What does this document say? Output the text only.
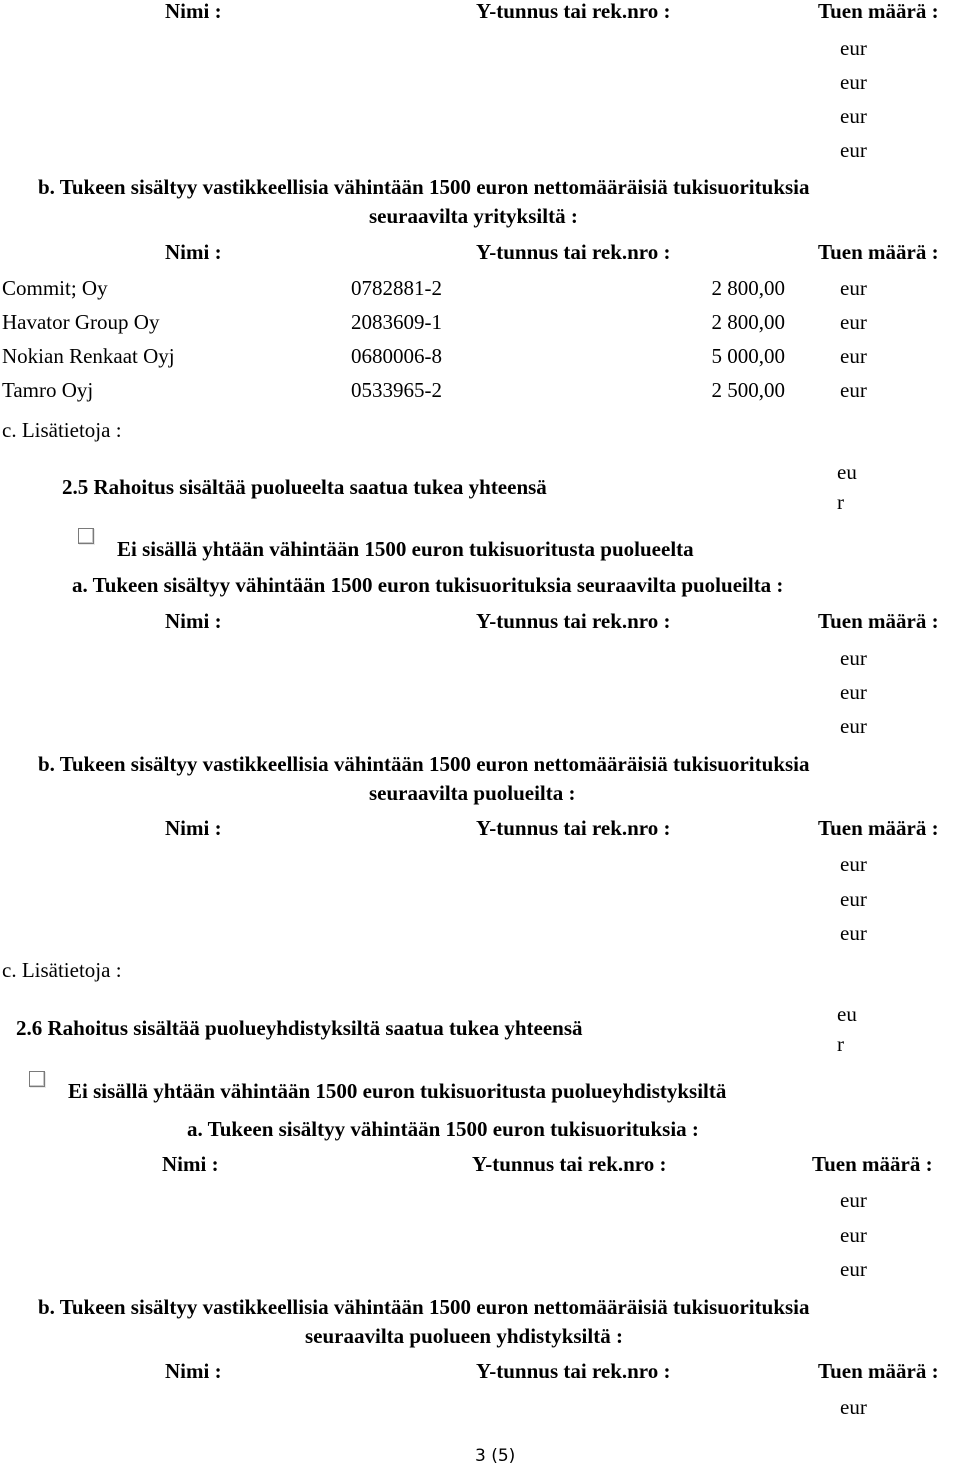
Nimi :	Y-tunnus tai rek.nro :	Tuen määrä :
eur
eur
eur
eur
b. Tukeen sisältyy vastikkeellisia vähintään 1500 euron nettomääräisiä tukisuorituksia
seuraavilta yrityksiltä :
Nimi :	Y-tunnus tai rek.nro :	Tuen määrä :
Commit; Oy	0782881-2	2 800,00	eur
Havator Group Oy	2083609-1	2 800,00	eur
Nokian Renkaat Oyj	0680006-8	5 000,00	eur
Tamro Oyj	0533965-2	2 500,00	eur
c. Lisätietoja :
2.5 Rahoitus sisältää puolueelta saatua tukea yhteensä
eu
r
Ei sisällä yhtään vähintään 1500 euron tukisuoritusta puolueelta
a. Tukeen sisältyy vähintään 1500 euron tukisuorituksia seuraavilta puolueilta :
Nimi :	Y-tunnus tai rek.nro :	Tuen määrä :
eur
eur
eur
b. Tukeen sisältyy vastikkeellisia vähintään 1500 euron nettomääräisiä tukisuorituksia
seuraavilta puolueilta :
Nimi :	Y-tunnus tai rek.nro :	Tuen määrä :
eur
eur
eur
c. Lisätietoja :
2.6 Rahoitus sisältää puolueyhdistyksiltä saatua tukea yhteensä
eu
r
Ei sisällä yhtään vähintään 1500 euron tukisuoritusta puolueyhdistyksiltä
a. Tukeen sisältyy vähintään 1500 euron tukisuorituksia :
Nimi :	Y-tunnus tai rek.nro :	Tuen määrä :
eur
eur
eur
b. Tukeen sisältyy vastikkeellisia vähintään 1500 euron nettomääräisiä tukisuorituksia
seuraavilta puolueen yhdistyksiltä :
Nimi :	Y-tunnus tai rek.nro :	Tuen määrä :
eur
3 (5)
